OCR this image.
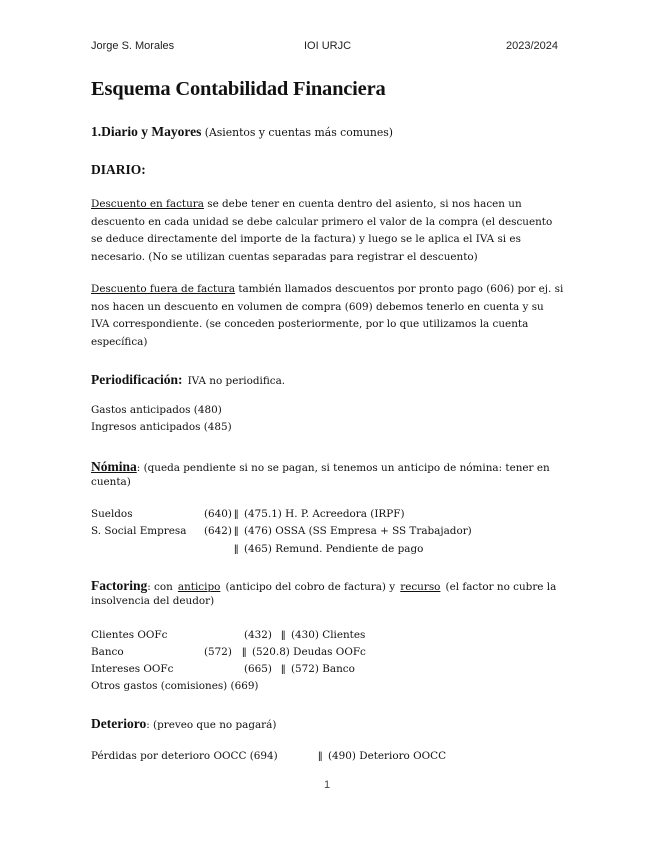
Jorge S. Morales	IOI URJC	2023/2024
Esquema Contabilidad Financiera
1.Diario y Mayores (Asientos y cuentas más comunes)
DIARIO:
Descuento en factura se debe tener en cuenta dentro del asiento, si nos hacen un
descuento en cada unidad se debe calcular primero el valor de la compra (el descuento
se deduce directamente del importe de la factura) y luego se le aplica el IVA si es
necesario. (No se utilizan cuentas separadas para registrar el descuento)
Descuento fuera de factura también llamados descuentos por pronto pago (606) por ej. si
nos hacen un descuento en volumen de compra (609) debemos tenerlo en cuenta y su
IVA correspondiente. (se conceden posteriormente, por lo que utilizamos la cuenta
específica)
Periodificación: IVA no periodifica.
Gastos anticipados (480)
Ingresos anticipados (485)
Nómina: (queda pendiente si no se pagan, si tenemos un anticipo de nómina: tener en
cuenta)
Sueldos	(640) || (475.1) H. P. Acreedora (IRPF)
S. Social Empresa (642) || (476) OSSA (SS Empresa + SS Trabajador)
|| (465) Remund. Pendiente de pago
Factoring: con anticipo (anticipo del cobro de factura) y recurso (el factor no cubre la
insolvencia del deudor)
Clientes OOFc	(432) || (430) Clientes
Banco	(572) || (520.8) Deudas OOFc
Intereses OOFc	(665) || (572) Banco
Otros gastos (comisiones) (669)
Deterioro: (preveo que no pagará)
Pérdidas por deterioro OOCC (694)	|| (490) Deterioro OOCC
1
